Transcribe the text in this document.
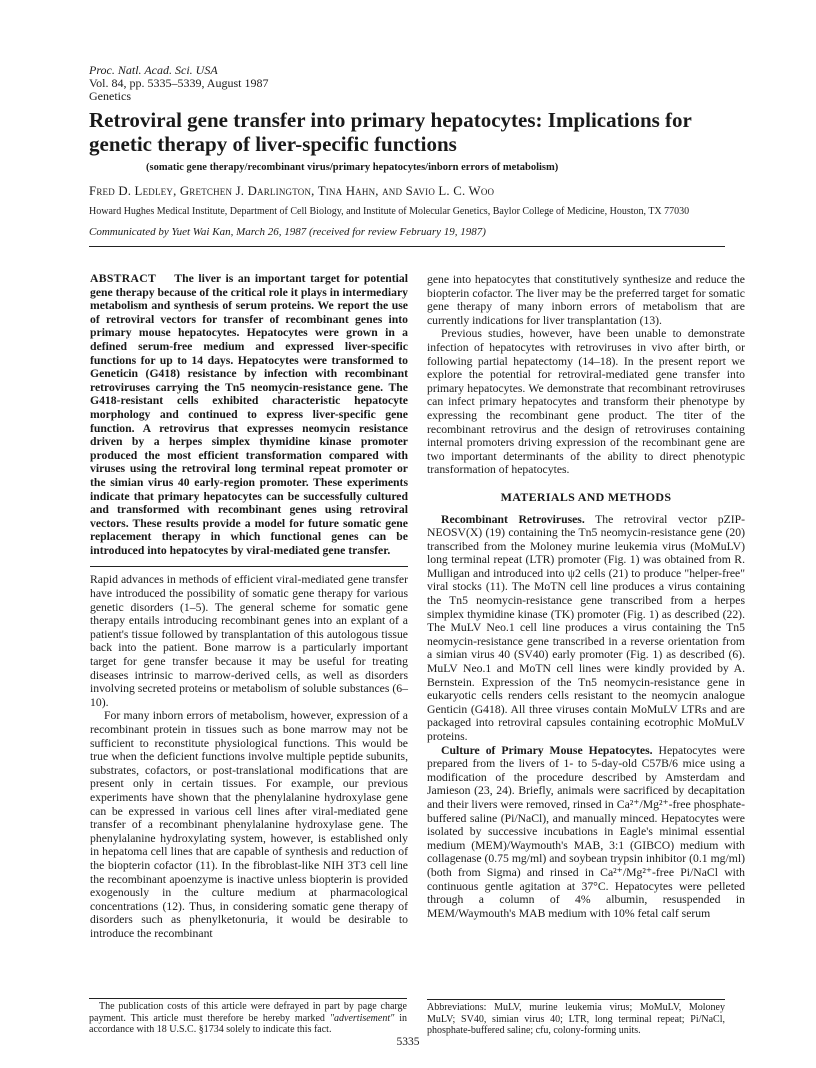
Proc. Natl. Acad. Sci. USA
Vol. 84, pp. 5335–5339, August 1987
Genetics
Retroviral gene transfer into primary hepatocytes: Implications for genetic therapy of liver-specific functions
(somatic gene therapy/recombinant virus/primary hepatocytes/inborn errors of metabolism)
Fred D. Ledley, Gretchen J. Darlington, Tina Hahn, and Savio L. C. Woo
Howard Hughes Medical Institute, Department of Cell Biology, and Institute of Molecular Genetics, Baylor College of Medicine, Houston, TX 77030
Communicated by Yuet Wai Kan, March 26, 1987 (received for review February 19, 1987)

ABSTRACT The liver is an important target for potential gene therapy because of the critical role it plays in intermediary metabolism and synthesis of serum proteins. We report the use of retroviral vectors for transfer of recombinant genes into primary mouse hepatocytes. Hepatocytes were grown in a defined serum-free medium and expressed liver-specific functions for up to 14 days. Hepatocytes were transformed to Geneticin (G418) resistance by infection with recombinant retroviruses carrying the Tn5 neomycin-resistance gene. The G418-resistant cells exhibited characteristic hepatocyte morphology and continued to express liver-specific gene function. A retrovirus that expresses neomycin resistance driven by a herpes simplex thymidine kinase promoter produced the most efficient transformation compared with viruses using the retroviral long terminal repeat promoter or the simian virus 40 early-region promoter. These experiments indicate that primary hepatocytes can be successfully cultured and transformed with recombinant genes using retroviral vectors. These results provide a model for future somatic gene replacement therapy in which functional genes can be introduced into hepatocytes by viral-mediated gene transfer.

Rapid advances in methods of efficient viral-mediated gene transfer have introduced the possibility of somatic gene therapy for various genetic disorders (1–5). The general scheme for somatic gene therapy entails introducing recombinant genes into an explant of a patient's tissue followed by transplantation of this autologous tissue back into the patient. Bone marrow is a particularly important target for gene transfer because it may be useful for treating diseases intrinsic to marrow-derived cells, as well as disorders involving secreted proteins or metabolism of soluble substances (6–10).

For many inborn errors of metabolism, however, expression of a recombinant protein in tissues such as bone marrow may not be sufficient to reconstitute physiological functions. This would be true when the deficient functions involve multiple peptide subunits, substrates, cofactors, or post-translational modifications that are present only in certain tissues. For example, our previous experiments have shown that the phenylalanine hydroxylase gene can be expressed in various cell lines after viral-mediated gene transfer of a recombinant phenylalanine hydroxylase gene. The phenylalanine hydroxylating system, however, is established only in hepatoma cell lines that are capable of synthesis and reduction of the biopterin cofactor (11). In the fibroblast-like NIH 3T3 cell line the recombinant apoenzyme is inactive unless biopterin is provided exogenously in the culture medium at pharmacological concentrations (12). Thus, in considering somatic gene therapy of disorders such as phenylketonuria, it would be desirable to introduce the recombinant

gene into hepatocytes that constitutively synthesize and reduce the biopterin cofactor. The liver may be the preferred target for somatic gene therapy of many inborn errors of metabolism that are currently indications for liver transplantation (13).

Previous studies, however, have been unable to demonstrate infection of hepatocytes with retroviruses in vivo after birth, or following partial hepatectomy (14–18). In the present report we explore the potential for retroviral-mediated gene transfer into primary hepatocytes. We demonstrate that recombinant retroviruses can infect primary hepatocytes and transform their phenotype by expressing the recombinant gene product. The titer of the recombinant retrovirus and the design of retroviruses containing internal promoters driving expression of the recombinant gene are two important determinants of the ability to direct phenotypic transformation of hepatocytes.

MATERIALS AND METHODS

Recombinant Retroviruses. The retroviral vector pZIP-NEOSV(X) (19) containing the Tn5 neomycin-resistance gene (20) transcribed from the Moloney murine leukemia virus (MoMuLV) long terminal repeat (LTR) promoter (Fig. 1) was obtained from R. Mulligan and introduced into ψ2 cells (21) to produce "helper-free" viral stocks (11). The MoTN cell line produces a virus containing the Tn5 neomycin-resistance gene transcribed from a herpes simplex thymidine kinase (TK) promoter (Fig. 1) as described (22). The MuLV Neo.1 cell line produces a virus containing the Tn5 neomycin-resistance gene transcribed in a reverse orientation from a simian virus 40 (SV40) early promoter (Fig. 1) as described (6). MuLV Neo.1 and MoTN cell lines were kindly provided by A. Bernstein. Expression of the Tn5 neomycin-resistance gene in eukaryotic cells renders cells resistant to the neomycin analogue Genticin (G418). All three viruses contain MoMuLV LTRs and are packaged into retroviral capsules containing ecotrophic MoMuLV proteins.

Culture of Primary Mouse Hepatocytes. Hepatocytes were prepared from the livers of 1- to 5-day-old C57B/6 mice using a modification of the procedure described by Amsterdam and Jamieson (23, 24). Briefly, animals were sacrificed by decapitation and their livers were removed, rinsed in Ca²⁺/Mg²⁺-free phosphate-buffered saline (Pi/NaCl), and manually minced. Hepatocytes were isolated by successive incubations in Eagle's minimal essential medium (MEM)/Waymouth's MAB, 3:1 (GIBCO) medium with collagenase (0.75 mg/ml) and soybean trypsin inhibitor (0.1 mg/ml) (both from Sigma) and rinsed in Ca²⁺/Mg²⁺-free Pi/NaCl with continuous gentle agitation at 37°C. Hepatocytes were pelleted through a column of 4% albumin, resuspended in MEM/Waymouth's MAB medium with 10% fetal calf serum

The publication costs of this article were defrayed in part by page charge payment. This article must therefore be hereby marked "advertisement" in accordance with 18 U.S.C. §1734 solely to indicate this fact.
Abbreviations: MuLV, murine leukemia virus; MoMuLV, Moloney MuLV; SV40, simian virus 40; LTR, long terminal repeat; Pi/NaCl, phosphate-buffered saline; cfu, colony-forming units.
5335
